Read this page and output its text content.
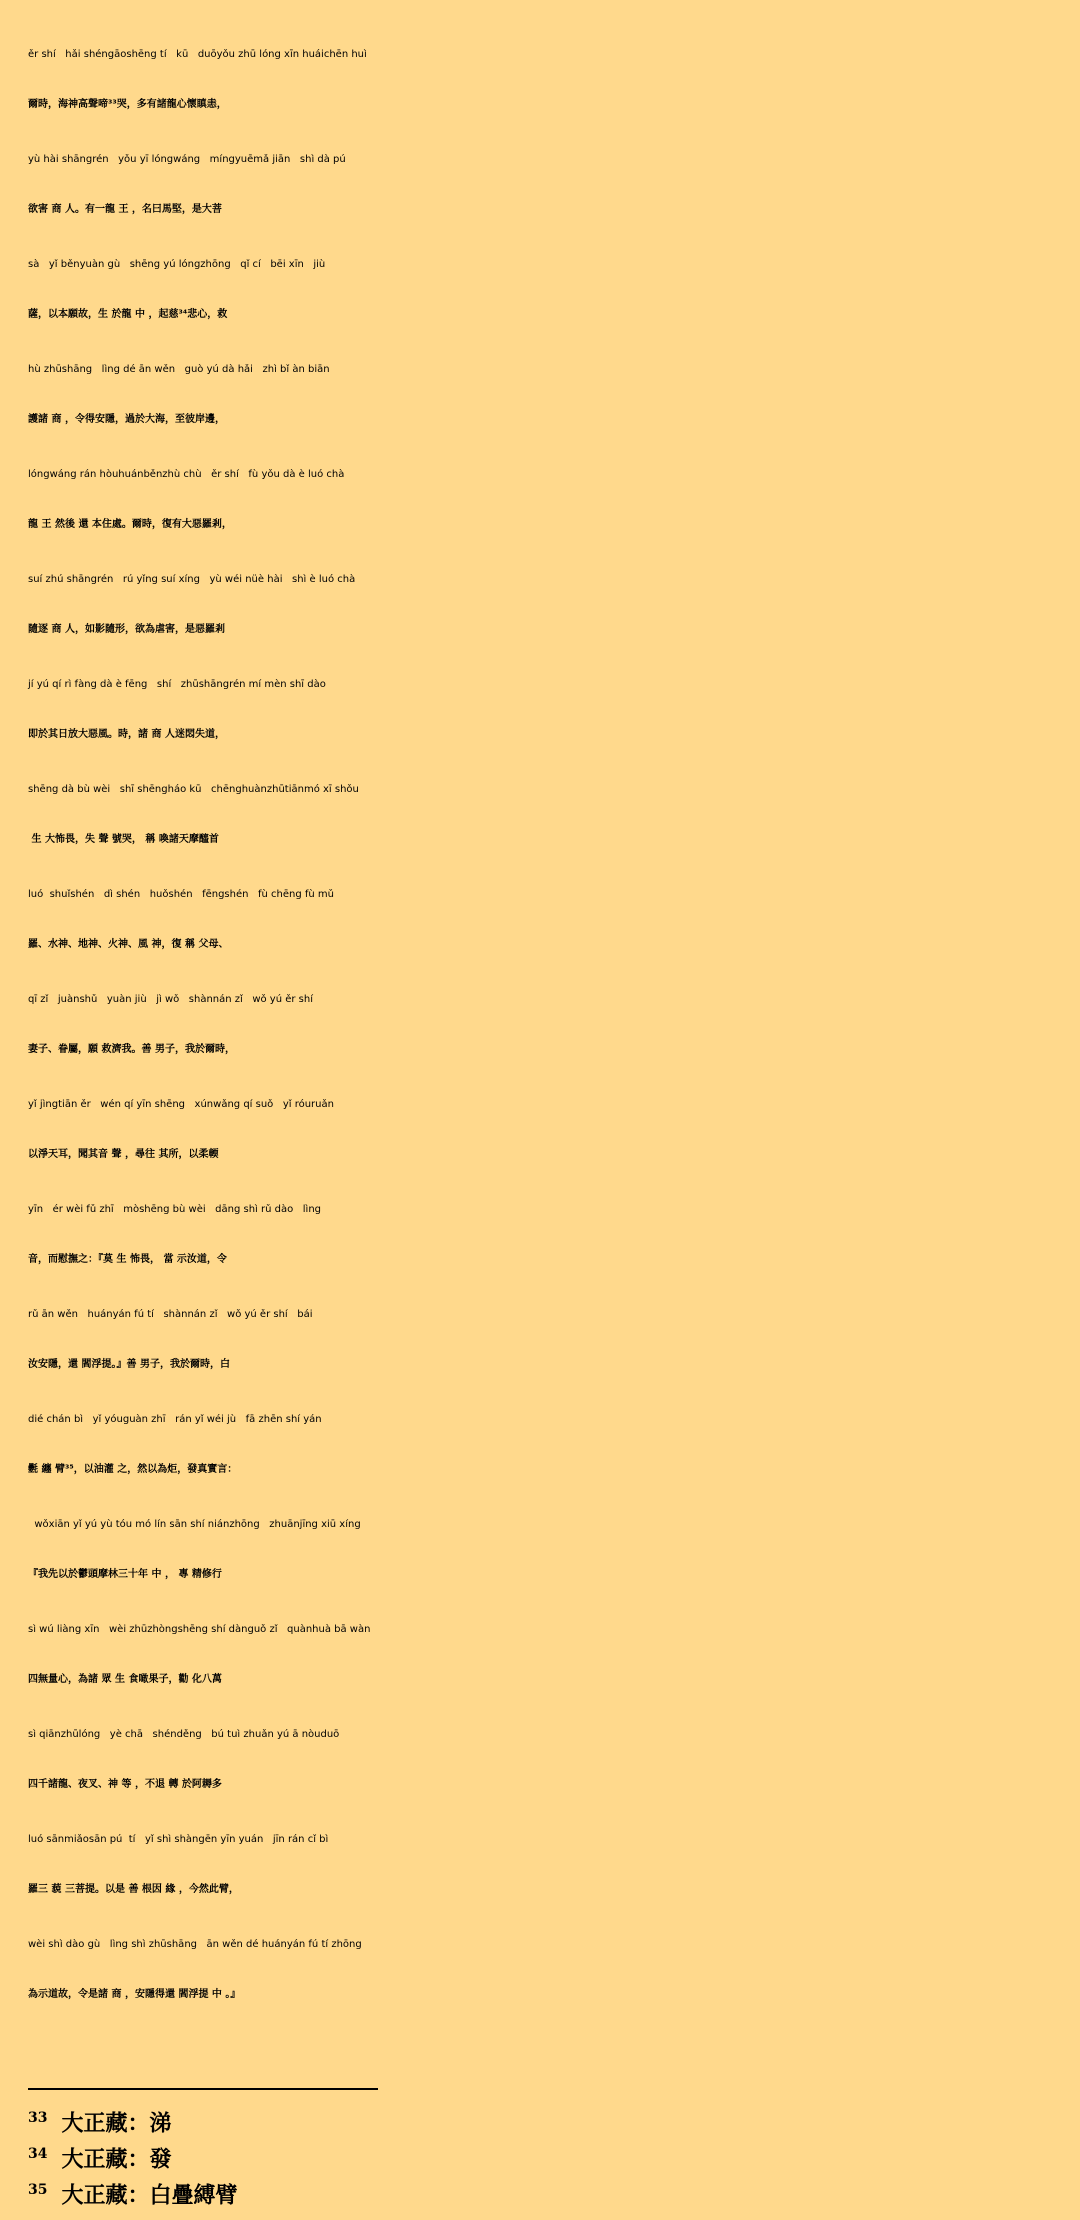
ěr shí   hǎi shéngāoshēng tí   kū   duōyǒu zhū lóng xīn huáichēn huì
爾時，海神高聲啼³³哭，多有諸龍心懷瞋恚，
yù hài shāngrén   yǒu yī lóngwáng   míngyuēmǎ jiān   shì dà pú
欲害 商 人。有一龍 王 ，名曰馬堅，是大菩
sà   yǐ běnyuàn gù   shēng yú lóngzhōng   qǐ cí   bēi xīn   jiù
薩，以本願故，生 於龍 中 ，起慈³⁴悲心，救
hù zhūshāng   lìng dé ān wěn   guò yú dà hǎi   zhì bǐ àn biān
護諸 商 ，令得安隱，過於大海，至彼岸邊，
lóngwáng rán hòuhuánběnzhù chù   ěr shí   fù yǒu dà è luó chà
龍 王 然後 還 本住處。爾時，復有大惡羅剎，
suí zhú shāngrén   rú yǐng suí xíng   yù wéi nüè hài   shì è luó chà
隨逐 商 人，如影隨形，欲為虐害，是惡羅剎
jí yú qí rì fàng dà è fēng   shí   zhūshāngrén mí mèn shī dào
即於其日放大惡風。時，諸 商 人迷悶失道，
shēng dà bù wèi   shī shēngháo kū   chēnghuànzhūtiānmó xī shǒu
生 大怖畏，失 聲 號哭， 稱 喚諸天摩醯首
luó  shuǐshén   dì shén   huǒshén   fēngshén   fù chēng fù mǔ
羅、水神、地神、火神、風 神，復 稱 父母、
qī zǐ   juànshǔ   yuàn jiù   jì wǒ   shànnán zǐ   wǒ yú ěr shí
妻子、眷屬，願 救濟我。善 男子，我於爾時，
yǐ jìngtiān ěr   wén qí yīn shēng   xúnwǎng qí suǒ   yǐ róuruǎn
以淨天耳，聞其音 聲 ，尋往 其所，以柔輭
yīn   ér wèi fǔ zhī   mòshēng bù wèi   dāng shì rǔ dào   lìng
音，而慰撫之：『莫 生 怖畏， 當 示汝道，令
rǔ ān wěn   huányán fú tí   shànnán zǐ   wǒ yú ěr shí   bái
汝安隱，還 閻浮提。』善 男子，我於爾時，白
dié chán bì   yǐ yóuguàn zhī   rán yǐ wéi jù   fā zhēn shí yán
氎 纏 臂³⁵，以油灌 之，然以為炬，發真實言：
wǒxiān yǐ yú yù tóu mó lín sān shí niánzhōng   zhuānjīng xiū xíng
『我先以於鬱頭摩林三十年 中 ， 專 精修行
sì wú liàng xīn   wèi zhūzhòngshēng shí dànguǒ zǐ   quànhuà bā wàn
四無量心，為諸 眾 生 食噉果子，勸 化八萬
sì qiānzhūlóng   yè chā   shénděng   bú tuì zhuǎn yú ā nòuduō
四千諸龍、夜叉、神 等 ，不退 轉 於阿耨多
luó sānmiǎosān pú  tí   yǐ shì shàngēn yīn yuán   jīn rán cǐ bì
羅三 藐 三菩提。以是 善 根因 緣 ，今然此臂，
wèi shì dào gù   lìng shì zhūshāng   ān wěn dé huányán fú tí zhōng
為示道故，令是諸 商 ，安隱得還 閻浮提 中 。』
$^{33}$ 大正藏：涕
$^{34}$ 大正藏：發
$^{35}$ 大正藏：白疊縛臂
